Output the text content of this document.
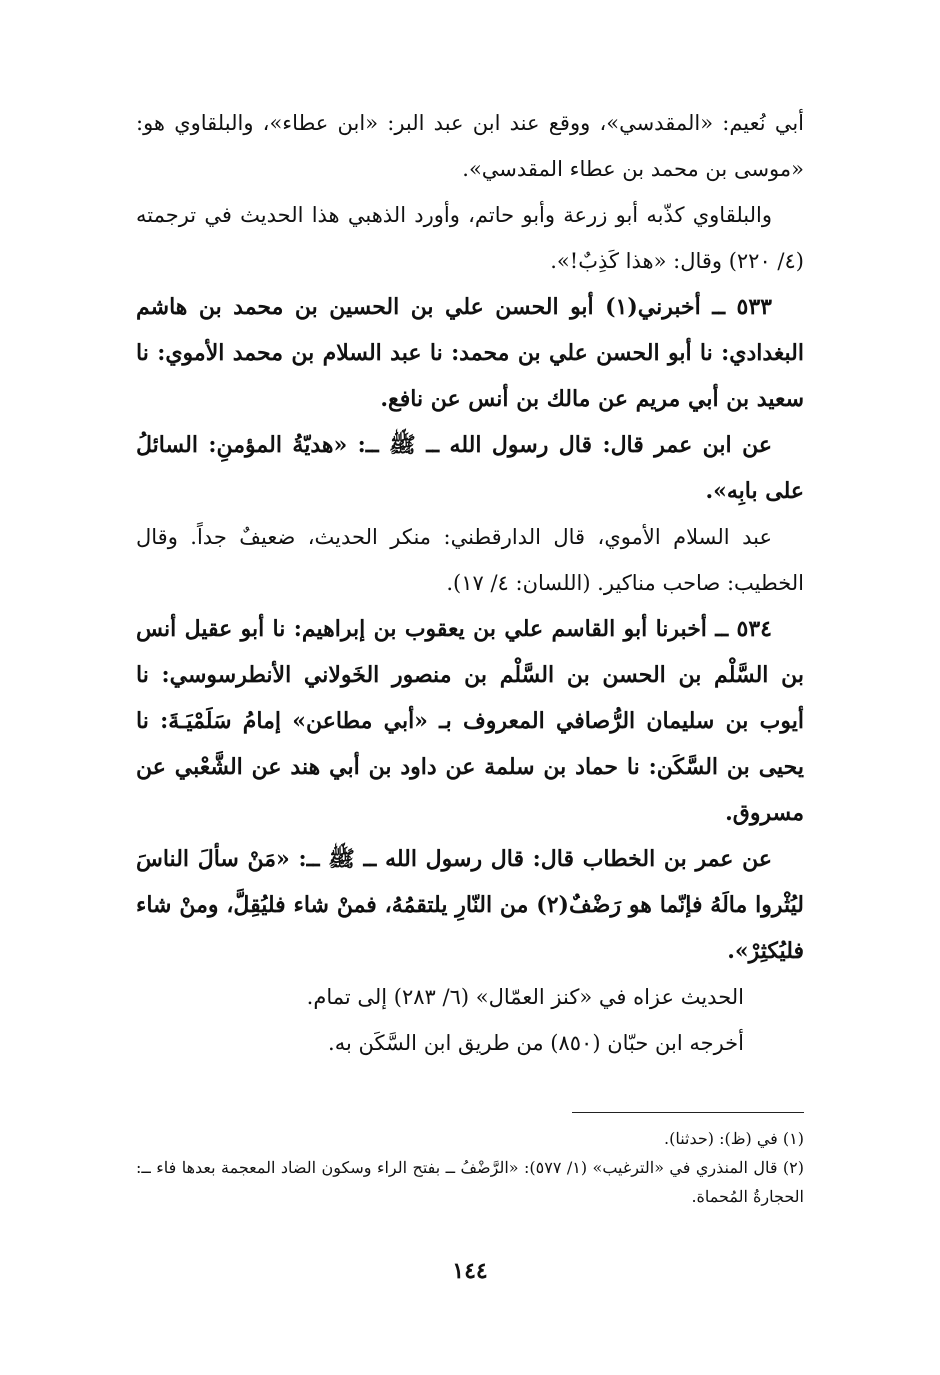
أبي نُعيم: «المقدسي»، ووقع عند ابن عبد البر: «ابن عطاء»، والبلقاوي هو: «موسى بن محمد بن عطاء المقدسي».

والبلقاوي كذّبه أبو زرعة وأبو حاتم، وأورد الذهبي هذا الحديث في ترجمته (٤/ ٢٢٠) وقال: «هذا كَذِبٌ!».

٥٣٣ ــ أخبرني(١) أبو الحسن علي بن الحسين بن محمد بن هاشم البغدادي: نا أبو الحسن علي بن محمد: نا عبد السلام بن محمد الأموي: نا سعيد بن أبي مريم عن مالك بن أنس عن نافع.

عن ابن عمر قال: قال رسول الله ــ ﷺ ــ: «هديّةُ المؤمنِ: السائلُ على بابِه».

عبد السلام الأموي، قال الدارقطني: منكر الحديث، ضعيفٌ جداً. وقال الخطيب: صاحب مناكير. (اللسان: ٤/ ١٧).

٥٣٤ ــ أخبرنا أبو القاسم علي بن يعقوب بن إبراهيم: نا أبو عقيل أنس بن السَّلْم بن الحسن بن السَّلْم بن منصور الخَولاني الأنطرسوسي: نا أيوب بن سليمان الرُّصافي المعروف بـ «أبي مطاعن» إمامُ سَلَمْيَـةَ: نا يحيى بن السَّكَن: نا حماد بن سلمة عن داود بن أبي هند عن الشَّعْبي عن مسروق.

عن عمر بن الخطاب قال: قال رسول الله ــ ﷺ ــ: «مَنْ سألَ الناسَ ليُثْروا مالَهُ فإنّما هو رَضْفٌ(٢) من النّارِ يلتقمُهُ، فمنْ شاء فليُقِلَّ، ومنْ شاء فليُكثِرْ».

الحديث عزاه في «كنز العمّال» (٦/ ٢٨٣) إلى تمام.

أخرجه ابن حبّان (٨٥٠) من طريق ابن السَّكَن به.

(١) في (ظ): (حدثنا).

(٢) قال المنذري في «الترغيب» (١/ ٥٧٧): «الرَّضْفُ ــ بفتح الراء وسكون الضاد المعجمة بعدها فاء ــ: الحجارةُ المُحماة.

١٤٤
